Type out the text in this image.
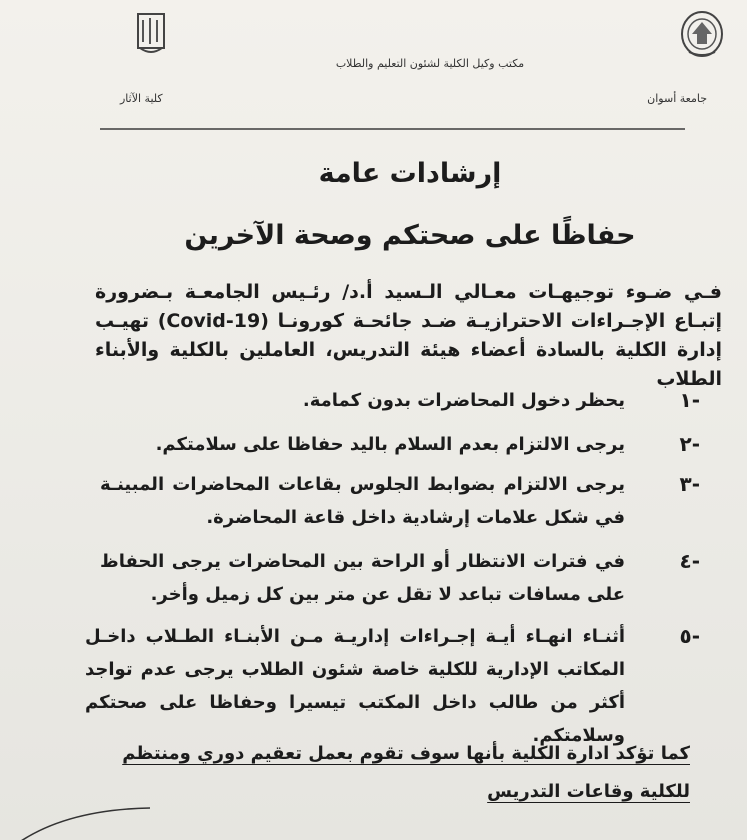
مكتب وكيل الكلية لشئون التعليم والطلاب
جامعة أسوان
كلية الآثار
إرشادات عامة
حفاظًا على صحتكم وصحة الآخرين
فـي ضـوء توجيهـات معـالي الـسيد أ.د/ رئـيس الجامعـة بـضرورة إتبـاع الإجـراءات الاحترازيـة ضـد جائحـة كورونـا (Covid-19) تهيـب إدارة الكلية بالسادة أعضاء هيئة التدريس، العاملين بالكلية والأبناء الطلاب
-١
يحظر دخول المحاضرات بدون كمامة.
-٢
يرجى الالتزام بعدم السلام باليد حفاظا على سلامتكم.
-٣
يرجى الالتزام بضوابط الجلوس بقاعات المحاضرات المبينـة في شكل علامات إرشادية داخل قاعة المحاضرة.
-٤
في فترات الانتظار أو الراحة بين المحاضرات يرجى الحفاظ على مسافات تباعد لا تقل عن متر بين كل زميل وأخر.
-٥
أثنـاء انهـاء أيـة إجـراءات إداريـة مـن الأبنـاء الطـلاب داخـل المكاتب الإدارية للكلية خاصة شئون الطلاب يرجى عدم تواجد أكثر من طالب داخل المكتب تيسيرا وحفاظا على صحتكم وسلامتكم.
كما تؤكد ادارة الكلية بأنها سوف تقوم بعمل تعقيم دوري ومنتظم للكلية وقاعات التدريس
